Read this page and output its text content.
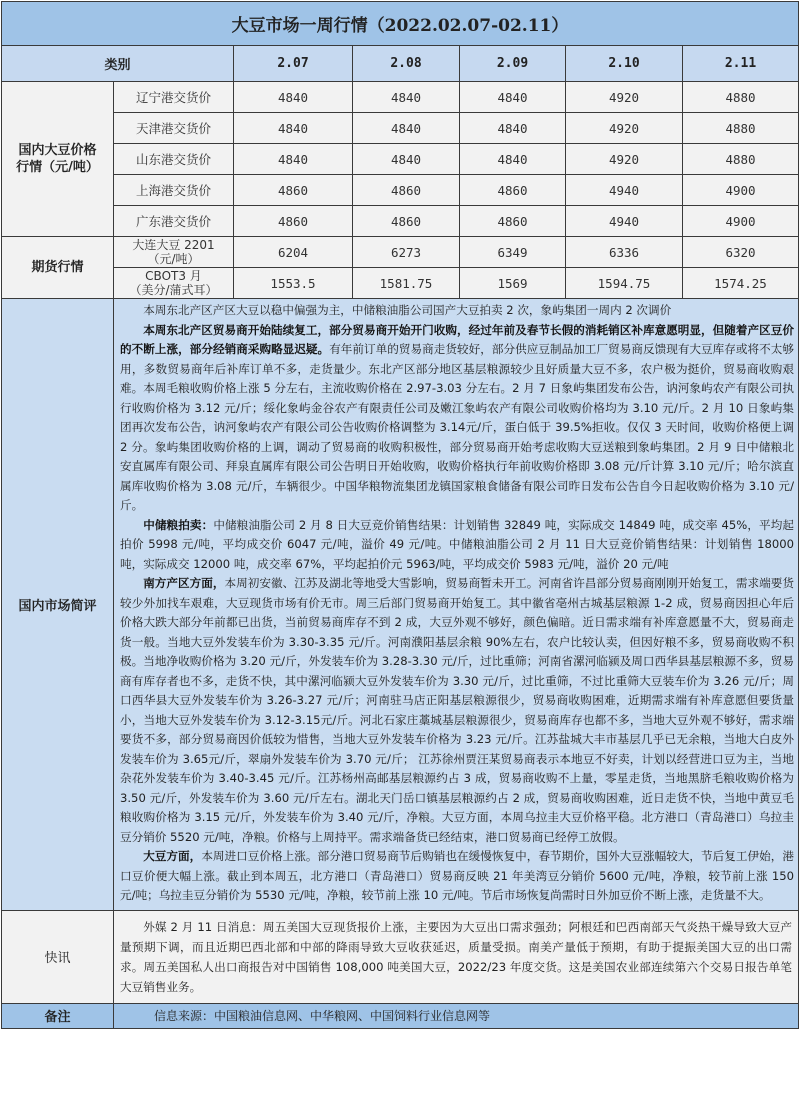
大豆市场一周行情（2022.02.07-02.11）						
类别		2.07	2.08	2.09	2.10	2.11

国内大豆价格
行情（元/吨）	辽宁港交货价	4840	4840	4840	4920	4880
	天津港交货价	4840	4840	4840	4920	4880
	山东港交货价	4840	4840	4840	4920	4880
	上海港交货价	4860	4860	4860	4940	4900
	广东港交货价	4860	4860	4860	4940	4900
期货行情	大连大豆 2201
（元/吨）	6204	6273	6349	6336	6320

	CBOT3 月
（美分/蒲式耳）	1553.5	1581.75	1569	1594.75	1574.25
国内市场简评	本周东北产区产区大豆以稳中偏强为主，中储粮油脂公司国产大豆拍卖 2 次，象屿集团一周内 2 次调价

本周东北产区贸易商开始陆续复工，部分贸易商开始开门收购，经过年前及春节长假的消耗销区补库意愿明显，但随着产区豆价的不断上涨，部分经销商采购略显迟疑。有年前订单的贸易商走货较好，部分供应豆制品加工厂贸易商反馈现有大豆库存或将不太够用，多数贸易商年后补库订单不多，走货量少。东北产区部分地区基层粮源较少且好质量大豆不多，农户极为挺价，贸易商收购艰难。本周毛粮收购价格上涨 5 分左右，主流收购价格在 2.97-3.03 分左右。2 月 7 日象屿集团发布公告，讷河象屿农产有限公司执行收购价格为 3.12 元/斤；绥化象屿金谷农产有限责任公司及嫩江象屿农产有限公司收购价格均为 3.10 元/斤。2 月 10 日象屿集团再次发布公告，讷河象屿农产有限公司公告收购价格调整为 3.14元/斤，蛋白低于 39.5%拒收。仅仅 3 天时间，收购价格便上调 2 分。象屿集团收购价格的上调，调动了贸易商的收购积极性，部分贸易商开始考虑收购大豆送粮到象屿集团。2 月 9 日中储粮北安直属库有限公司、拜泉直属库有限公司公告明日开始收购，收购价格执行年前收购价格即 3.08 元/斤计算 3.10 元/斤；哈尔滨直属库收购价格为 3.08 元/斤，车辆很少。中国华粮物流集团龙镇国家粮食储备有限公司昨日发布公告自今日起收购价格为 3.10 元/斤。

中储粮拍卖：中储粮油脂公司 2 月 8 日大豆竞价销售结果：计划销售 32849 吨，实际成交 14849 吨，成交率 45%，平均起拍价 5998 元/吨，平均成交价 6047 元/吨，溢价 49 元/吨。中储粮油脂公司 2 月 11 日大豆竞价销售结果：计划销售 18000 吨，实际成交 12000 吨，成交率 67%，平均起拍价元 5963/吨，平均成交价 5983 元/吨，溢价 20 元/吨

南方产区方面，本周初安徽、江苏及湖北等地受大雪影响，贸易商暂未开工。河南省许昌部分贸易商刚刚开始复工，需求端要货较少外加找车艰难，大豆现货市场有价无市。周三后部门贸易商开始复工。其中徽省亳州古城基层粮源 1-2 成，贸易商因担心年后价格大跌大部分年前都已出货，当前贸易商库存不到 2 成，大豆外观不够好，颜色偏暗。近日需求端有补库意愿量不大，贸易商走货一般。当地大豆外发装车价为 3.30-3.35 元/斤。河南濮阳基层余粮 90%左右，农户比较认卖，但因好粮不多，贸易商收购不积极。当地净收购价格为 3.20 元/斤，外发装车价为 3.28-3.30 元/斤，过比重筛；河南省漯河临颍及周口西华县基层粮源不多，贸易商有库存者也不多，走货不快，其中漯河临颍大豆外发装车价为 3.30 元/斤，过比重筛，不过比重筛大豆装车价为 3.26 元/斤；周口西华县大豆外发装车价为 3.26-3.27 元/斤；河南驻马店正阳基层粮源很少，贸易商收购困难，近期需求端有补库意愿但要货量小，当地大豆外发装车价为 3.12-3.15元/斤。河北石家庄藁城基层粮源很少，贸易商库存也都不多，当地大豆外观不够好，需求端要货不多，部分贸易商因价低较为惜售，当地大豆外发装车价格为 3.23 元/斤。江苏盐城大丰市基层几乎已无余粮，当地大白皮外发装车价为 3.65元/斤，翠扇外发装车价为 3.70 元/斤； 江苏徐州贾汪某贸易商表示本地豆不好卖，计划以经营进口豆为主，当地杂花外发装车价为 3.40-3.45 元/斤。江苏杨州高邮基层粮源约占 3 成，贸易商收购不上量，零星走货，当地黑脐毛粮收购价格为 3.50 元/斤，外发装车价为 3.60 元/斤左右。湖北天门岳口镇基层粮源约占 2 成，贸易商收购困难，近日走货不快，当地中黄豆毛粮收购价格为 3.15 元/斤，外发装车价为 3.40 元/斤，净粮。大豆方面，本周乌拉圭大豆价格平稳。北方港口（青岛港口）乌拉圭豆分销价 5520 元/吨，净粮。价格与上周持平。需求端备货已经结束，港口贸易商已经停工放假。

大豆方面，本周进口豆价格上涨。部分港口贸易商节后购销也在缓慢恢复中，春节期价，国外大豆涨幅较大，节后复工伊始，港口豆价便大幅上涨。截止到本周五，北方港口（青岛港口）贸易商反映 21 年美湾豆分销价 5600 元/吨，净粮，较节前上涨 150 元/吨；乌拉圭豆分销价为 5530 元/吨，净粮，较节前上涨 10 元/吨。节后市场恢复尚需时日外加豆价不断上涨，走货量不大。					

快讯	外媒 2 月 11 日消息：周五美国大豆现货报价上涨，主要因为大豆出口需求强劲；阿根廷和巴西南部天气炎热干燥导致大豆产量预期下调，而且近期巴西北部和中部的降雨导致大豆收获延迟，质量受损。南美产量低于预期，有助于提振美国大豆的出口需求。周五美国私人出口商报告对中国销售 108,000 吨美国大豆，2022/23 年度交货。这是美国农业部连续第六个交易日报告单笔大豆销售业务。					

备注	信息来源：中国粮油信息网、中华粮网、中国饲料行业信息网等					
